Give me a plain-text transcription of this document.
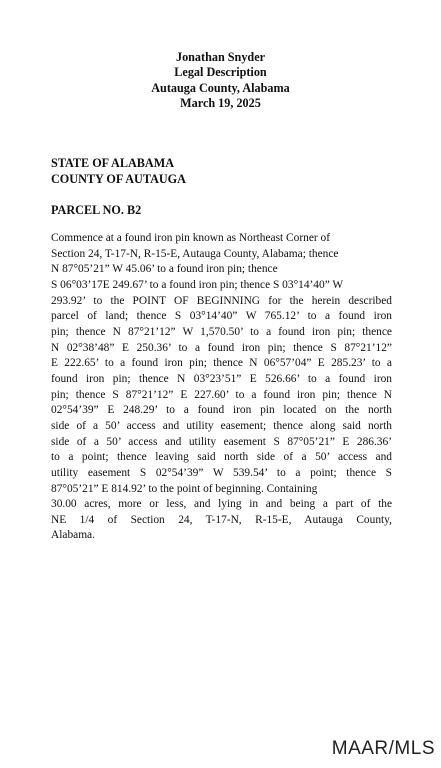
Jonathan Snyder
Legal Description
Autauga County, Alabama
March 19, 2025
STATE OF ALABAMA
COUNTY OF AUTAUGA
PARCEL NO. B2
Commence at a found iron pin known as Northeast Corner of
Section 24, T-17-N, R-15-E, Autauga County, Alabama; thence
N 87°05’21” W 45.06’ to a found iron pin; thence
S 06°03’17E 249.67’ to a found iron pin; thence S 03°14’40” W
293.92’ to the POINT OF BEGINNING for the herein described
parcel of land; thence S 03°14’40” W 765.12’ to a found iron
pin; thence N 87°21’12” W 1,570.50’ to a found iron pin; thence
N 02°38’48” E 250.36’ to a found iron pin; thence S 87°21’12”
E 222.65’ to a found iron pin; thence N 06°57’04” E 285.23’ to a
found iron pin; thence N 03°23’51” E 526.66’ to a found iron
pin; thence S 87°21’12” E 227.60’ to a found iron pin; thence N
02°54’39” E 248.29’ to a found iron pin located on the north
side of a 50’ access and utility easement; thence along said north
side of a 50’ access and utility easement S 87°05’21” E 286.36’
to a point; thence leaving said north side of a 50’ access and
utility easement S 02°54’39” W 539.54’ to a point; thence S
87°05’21” E 814.92’ to the point of beginning. Containing
30.00 acres, more or less, and lying in and being a part of the
NE 1/4 of Section 24, T-17-N, R-15-E, Autauga County,
Alabama.
MAAR/MLS
